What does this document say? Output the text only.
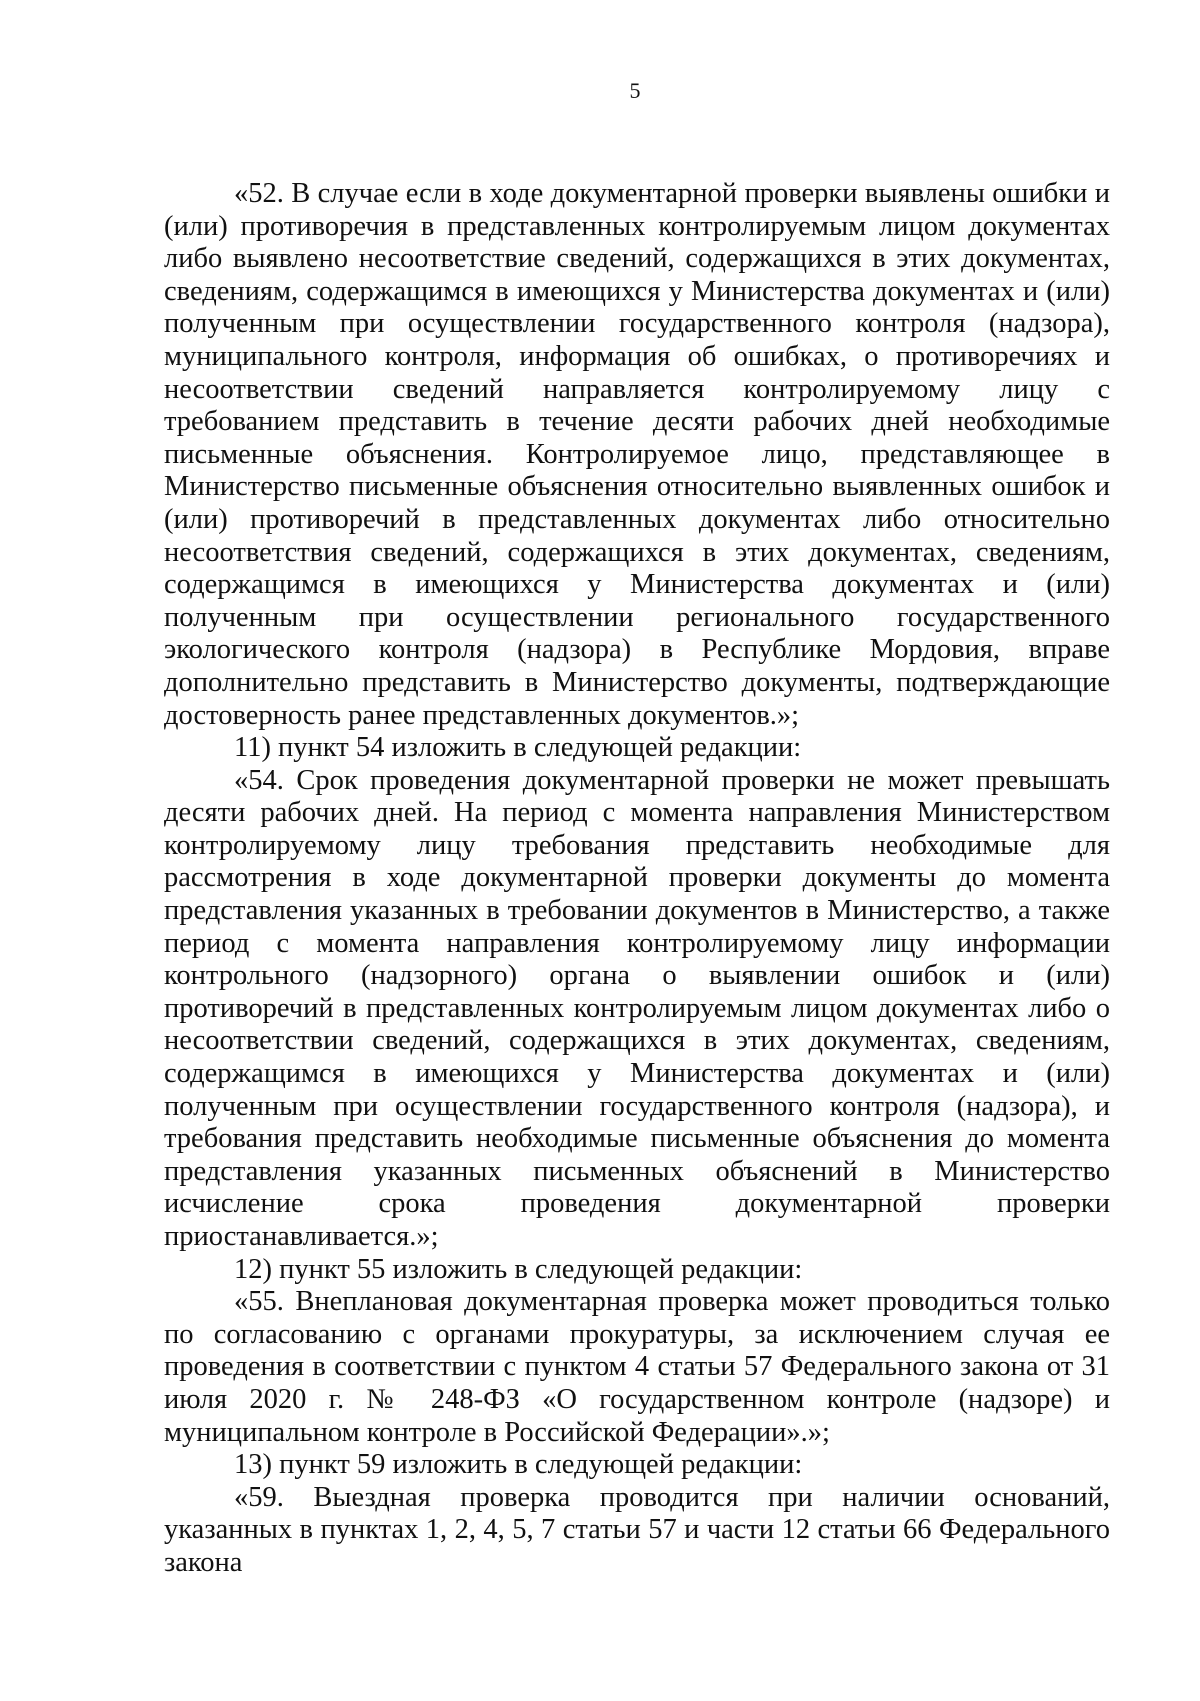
5

«52. В случае если в ходе документарной проверки выявлены ошибки и (или) противоречия в представленных контролируемым лицом документах либо выявлено несоответствие сведений, содержащихся в этих документах, сведениям, содержащимся в имеющихся у Министерства документах и (или) полученным при осуществлении государственного контроля (надзора), муниципального контроля, информация об ошибках, о противоречиях и несоответствии сведений направляется контролируемому лицу с требованием представить в течение десяти рабочих дней необходимые письменные объяснения. Контролируемое лицо, представляющее в Министерство письменные объяснения относительно выявленных ошибок и (или) противоречий в представленных документах либо относительно несоответствия сведений, содержащихся в этих документах, сведениям, содержащимся в имеющихся у Министерства документах и (или) полученным при осуществлении регионального государственного экологического контроля (надзора) в Республике Мордовия, вправе дополнительно представить в Министерство документы, подтверждающие достоверность ранее представленных документов.»;

11) пункт 54 изложить в следующей редакции:

«54. Срок проведения документарной проверки не может превышать десяти рабочих дней. На период с момента направления Министерством контролируемому лицу требования представить необходимые для рассмотрения в ходе документарной проверки документы до момента представления указанных в требовании документов в Министерство, а также период с момента направления контролируемому лицу информации контрольного (надзорного) органа о выявлении ошибок и (или) противоречий в представленных контролируемым лицом документах либо о несоответствии сведений, содержащихся в этих документах, сведениям, содержащимся в имеющихся у Министерства документах и (или) полученным при осуществлении государственного контроля (надзора), и требования представить необходимые письменные объяснения до момента представления указанных письменных объяснений в Министерство исчисление срока проведения документарной проверки приостанавливается.»;

12) пункт 55 изложить в следующей редакции:

«55. Внеплановая документарная проверка может проводиться только по согласованию с органами прокуратуры, за исключением случая ее проведения в соответствии с пунктом 4 статьи 57 Федерального закона от 31 июля 2020 г. № 248-ФЗ «О государственном контроле (надзоре) и муниципальном контроле в Российской Федерации».»;

13) пункт 59 изложить в следующей редакции:

«59. Выездная проверка проводится при наличии оснований, указанных в пунктах 1, 2, 4, 5, 7 статьи 57 и части 12 статьи 66 Федерального закона
